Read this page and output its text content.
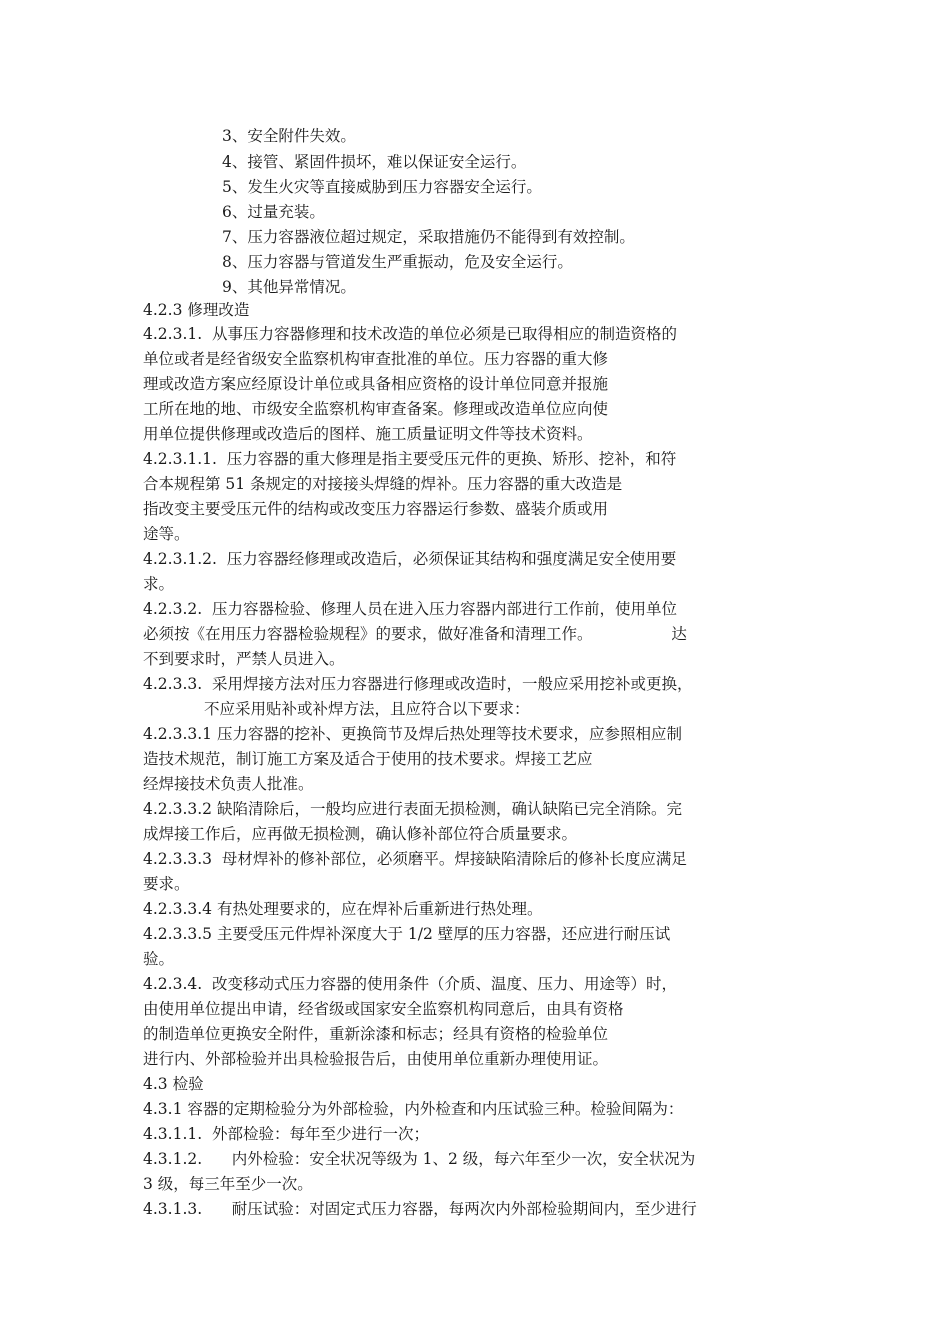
3、安全附件失效。
4、接管、紧固件损坏，难以保证安全运行。
5、发生火灾等直接威胁到压力容器安全运行。
6、过量充装。
7、压力容器液位超过规定，采取措施仍不能得到有效控制。
8、压力容器与管道发生严重振动，危及安全运行。
9、其他异常情况。
4.2.3 修理改造
4.2.3.1.  从事压力容器修理和技术改造的单位必须是已取得相应的制造资格的
单位或者是经省级安全监察机构审查批准的单位。压力容器的重大修
理或改造方案应经原设计单位或具备相应资格的设计单位同意并报施
工所在地的地、市级安全监察机构审查备案。修理或改造单位应向使
用单位提供修理或改造后的图样、施工质量证明文件等技术资料。
4.2.3.1.1.  压力容器的重大修理是指主要受压元件的更换、矫形、挖补，和符
合本规程第 51 条规定的对接接头焊缝的焊补。压力容器的重大改造是
指改变主要受压元件的结构或改变压力容器运行参数、盛装介质或用
途等。
4.2.3.1.2.  压力容器经修理或改造后，必须保证其结构和强度满足安全使用要
求。
4.2.3.2.  压力容器检验、修理人员在进入压力容器内部进行工作前，使用单位
必须按《在用压力容器检验规程》的要求，做好准备和清理工作。                达
不到要求时，严禁人员进入。
4.2.3.3.  采用焊接方法对压力容器进行修理或改造时，一般应采用挖补或更换，
不应采用贴补或补焊方法，且应符合以下要求：
4.2.3.3.1 压力容器的挖补、更换筒节及焊后热处理等技术要求，应参照相应制
造技术规范，制订施工方案及适合于使用的技术要求。焊接工艺应
经焊接技术负责人批准。
4.2.3.3.2 缺陷清除后，一般均应进行表面无损检测，确认缺陷已完全消除。完
成焊接工作后，应再做无损检测，确认修补部位符合质量要求。
4.2.3.3.3  母材焊补的修补部位，必须磨平。焊接缺陷清除后的修补长度应满足
要求。
4.2.3.3.4 有热处理要求的，应在焊补后重新进行热处理。
4.2.3.3.5 主要受压元件焊补深度大于 1/2 壁厚的压力容器，还应进行耐压试
验。
4.2.3.4.  改变移动式压力容器的使用条件（介质、温度、压力、用途等）时，
由使用单位提出申请，经省级或国家安全监察机构同意后，由具有资格
的制造单位更换安全附件，重新涂漆和标志；经具有资格的检验单位
进行内、外部检验并出具检验报告后，由使用单位重新办理使用证。
4.3 检验
4.3.1 容器的定期检验分为外部检验，内外检查和内压试验三种。检验间隔为：
4.3.1.1.  外部检验：每年至少进行一次；
4.3.1.2.      内外检验：安全状况等级为 1、2 级，每六年至少一次，安全状况为
3 级，每三年至少一次。
4.3.1.3.      耐压试验：对固定式压力容器，每两次内外部检验期间内，至少进行
